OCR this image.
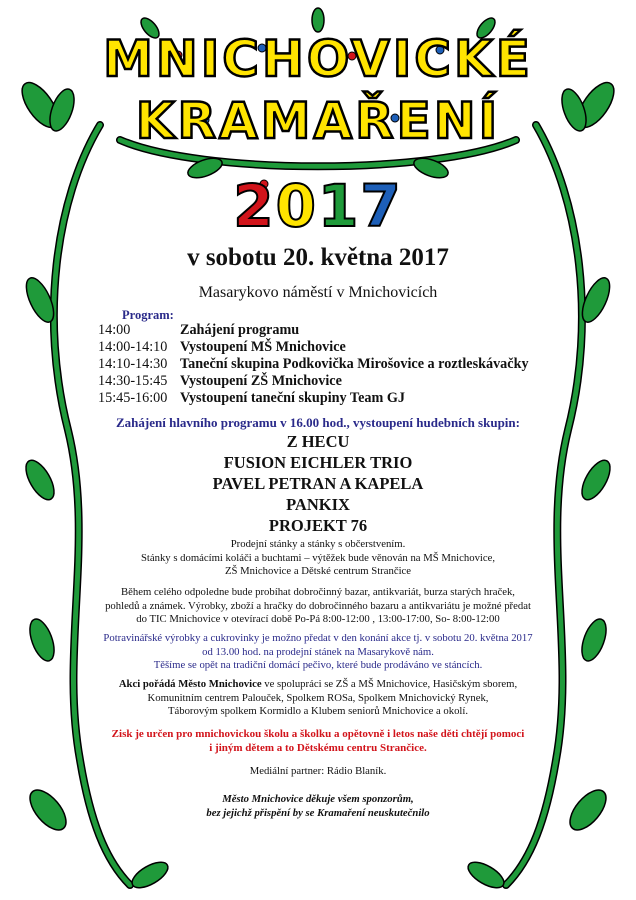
MNICHOVICKÉ
KRAMAŘENÍ
2017
v sobotu 20. května 2017
Masarykovo náměstí v Mnichovicích
Program:
14:00	Zahájení programu
14:00-14:10 Vystoupení MŠ Mnichovice
14:10-14:30 Taneční skupina Podkovička Mirošovice a roztleskávačky
14:30-15:45 Vystoupení ZŠ Mnichovice
15:45-16:00 Vystoupení taneční skupiny Team GJ
Zahájení hlavního programu v 16.00 hod., vystoupení hudebních skupin:
Z HECU
FUSION EICHLER TRIO
PAVEL PETRAN A KAPELA
PANKIX
PROJEKT 76
Prodejní stánky a stánky s občerstvením.
Stánky s domácími koláči a buchtami – výtěžek bude věnován na MŠ Mnichovice,
ZŠ Mnichovice a Dětské centrum Strančice
Během celého odpoledne bude probíhat dobročinný bazar, antikvariát, burza starých hraček,
pohledů a známek. Výrobky, zboží a hračky do dobročinného bazaru a antikvariátu je možné předat
do TIC Mnichovice v otevírací době Po-Pá 8:00-12:00 , 13:00-17:00, So- 8:00-12:00
Potravinářské výrobky a cukrovinky je možno předat v den konání akce tj. v sobotu 20. května 2017
od 13.00 hod. na prodejní stánek na Masarykově nám.
Těšíme se opět na tradiční domácí pečivo, které bude prodáváno ve stáncích.
Akci pořádá Město Mnichovice ve spolupráci se ZŠ a MŠ Mnichovice, Hasičským sborem,
Komunitním centrem Palouček, Spolkem ROSa, Spolkem Mnichovický Rynek,
Táborovým spolkem Kormidlo a Klubem seniorů Mnichovice a okolí.
Zisk je určen pro mnichovickou školu a školku a opětovně i letos naše děti chtějí pomoci
i jiným dětem a to Dětskému centru Strančice.
Mediální partner: Rádio Blaník.
Město Mnichovice děkuje všem sponzorům,
bez jejichž přispění by se Kramaření neuskutečnilo
